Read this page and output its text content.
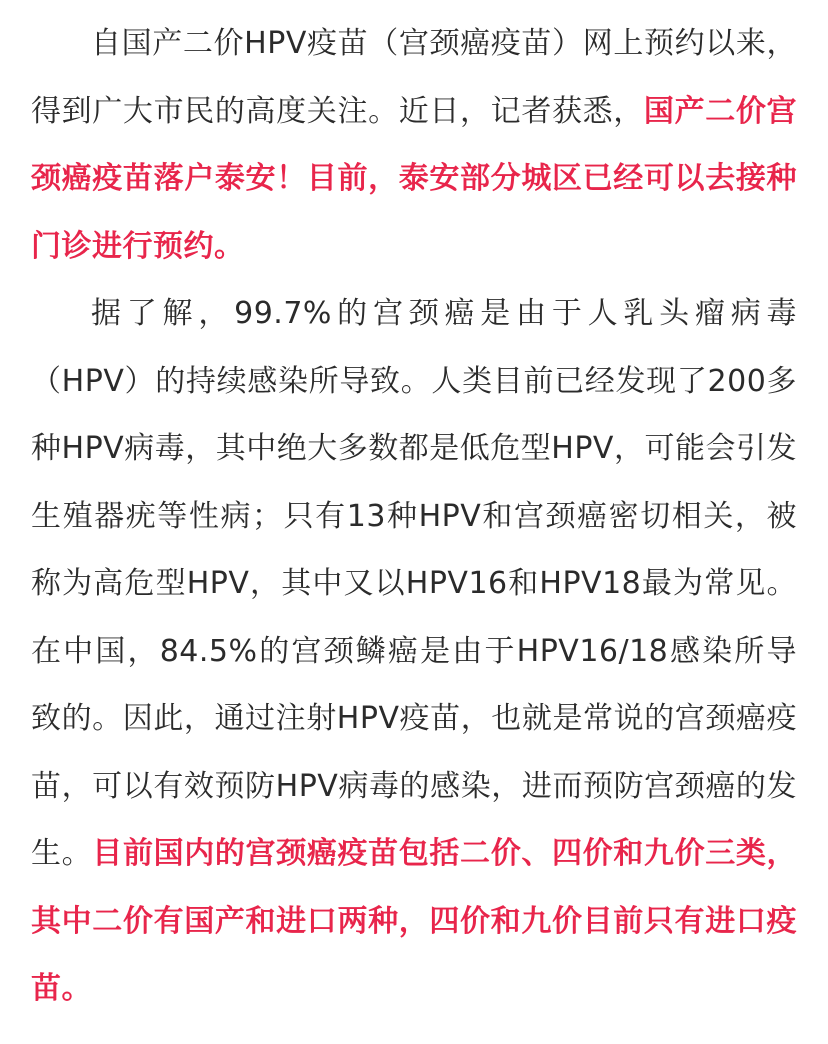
自国产二价HPV疫苗（宫颈癌疫苗）网上预约以来，得到广大市民的高度关注。近日，记者获悉，国产二价宫颈癌疫苗落户泰安！目前，泰安部分城区已经可以去接种门诊进行预约。

据了解，99.7%的宫颈癌是由于人乳头瘤病毒（HPV）的持续感染所导致。人类目前已经发现了200多种HPV病毒，其中绝大多数都是低危型HPV，可能会引发生殖器疣等性病；只有13种HPV和宫颈癌密切相关，被称为高危型HPV，其中又以HPV16和HPV18最为常见。在中国，84.5%的宫颈鳞癌是由于HPV16/18感染所导致的。因此，通过注射HPV疫苗，也就是常说的宫颈癌疫苗，可以有效预防HPV病毒的感染，进而预防宫颈癌的发生。目前国内的宫颈癌疫苗包括二价、四价和九价三类，其中二价有国产和进口两种，四价和九价目前只有进口疫苗。
